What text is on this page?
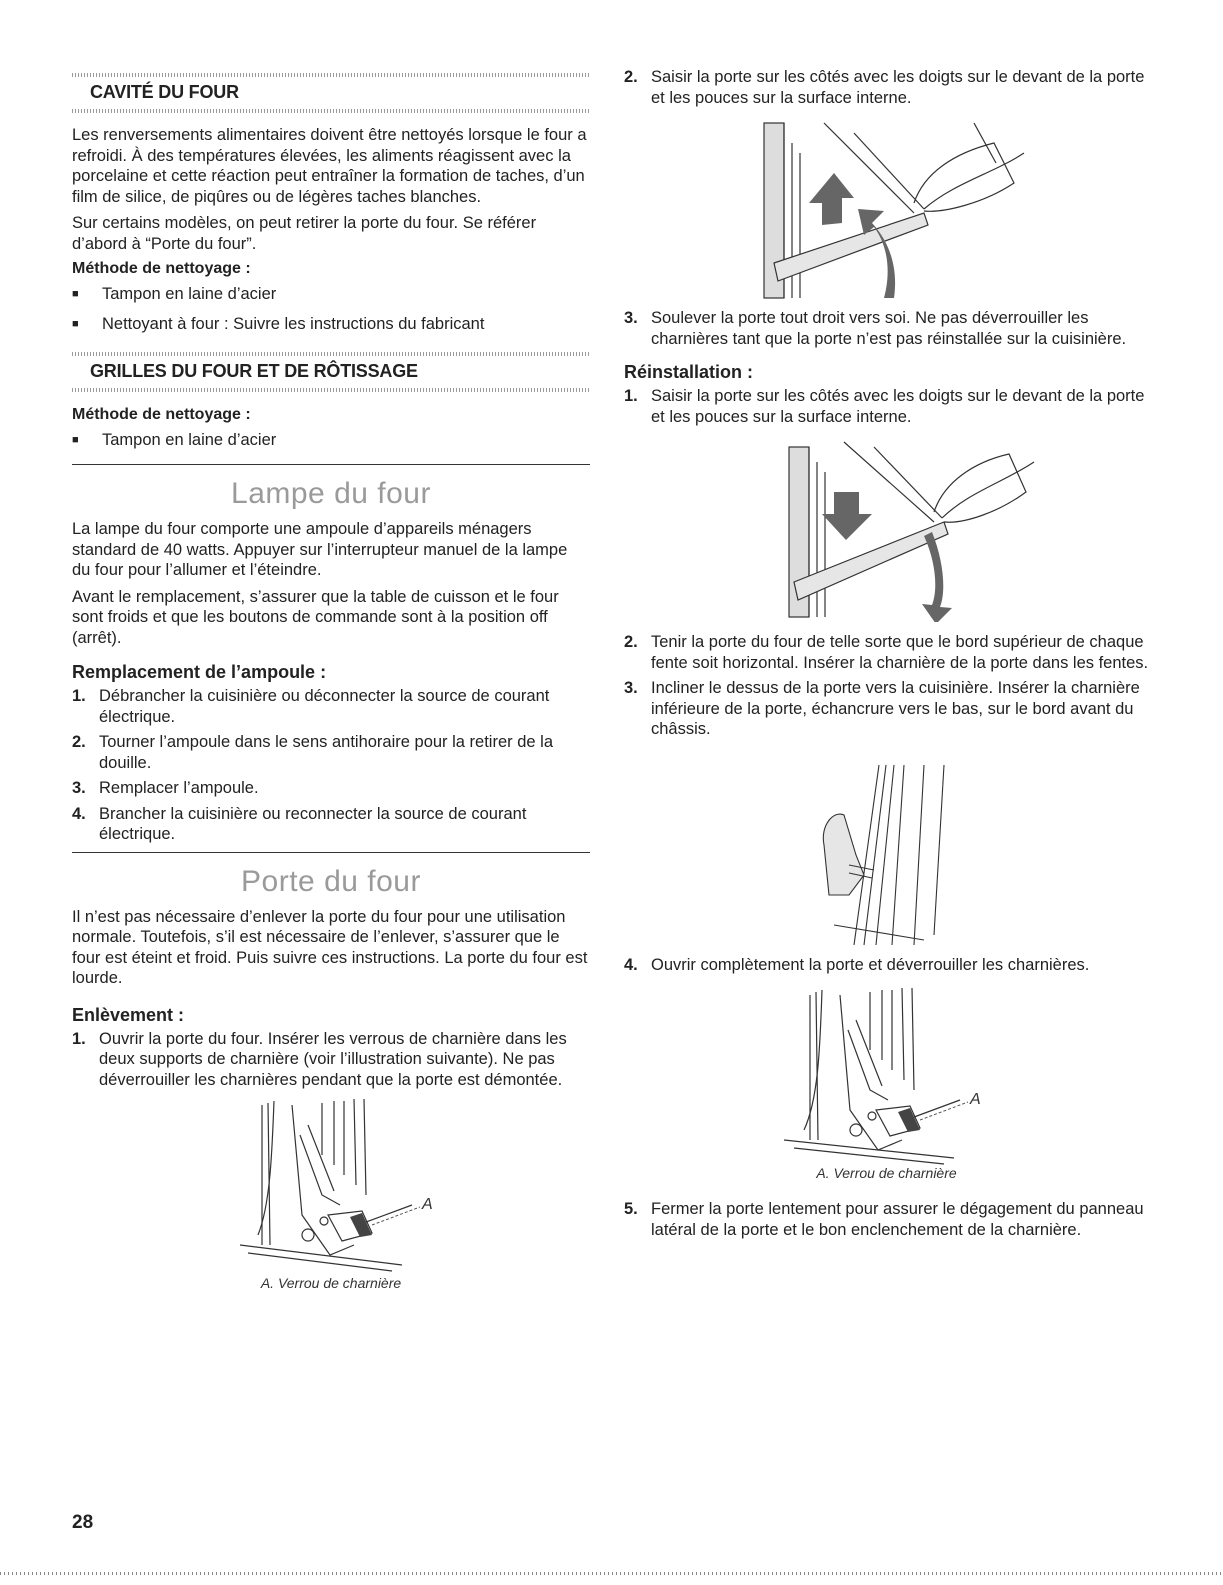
CAVITÉ DU FOUR

Les renversements alimentaires doivent être nettoyés lorsque le four a refroidi. À des températures élevées, les aliments réagissent avec la porcelaine et cette réaction peut entraîner la formation de taches, d’un film de silice, de piqûres ou de légères taches blanches.

Sur certains modèles, on peut retirer la porte du four. Se référer d’abord à “Porte du four”.

Méthode de nettoyage :
■	Tampon en laine d’acier
■	Nettoyant à four : Suivre les instructions du fabricant
GRILLES DU FOUR ET DE RÔTISSAGE
Méthode de nettoyage :
■	Tampon en laine d’acier
Lampe du four

La lampe du four comporte une ampoule d’appareils ménagers standard de 40 watts. Appuyer sur l’interrupteur manuel de la lampe du four pour l’allumer et l’éteindre.

Avant le remplacement, s’assurer que la table de cuisson et le four sont froids et que les boutons de commande sont à la position off (arrêt).

Remplacement de l’ampoule :
1. Débrancher la cuisinière ou déconnecter la source de courant électrique.
2. Tourner l’ampoule dans le sens antihoraire pour la retirer de la douille.
3. Remplacer l’ampoule.
4. Brancher la cuisinière ou reconnecter la source de courant électrique.
Porte du four

Il n’est pas nécessaire d’enlever la porte du four pour une utilisation normale. Toutefois, s’il est nécessaire de l’enlever, s’assurer que le four est éteint et froid. Puis suivre ces instructions. La porte du four est lourde.

Enlèvement :
1. Ouvrir la porte du four. Insérer les verrous de charnière dans les deux supports de charnière (voir l’illustration suivante). Ne pas déverrouiller les charnières pendant que la porte est démontée.
A
A. Verrou de charnière
2. Saisir la porte sur les côtés avec les doigts sur le devant de la porte et les pouces sur la surface interne.
3. Soulever la porte tout droit vers soi. Ne pas déverrouiller les charnières tant que la porte n’est pas réinstallée sur la cuisinière.
Réinstallation :
1. Saisir la porte sur les côtés avec les doigts sur le devant de la porte et les pouces sur la surface interne.
2. Tenir la porte du four de telle sorte que le bord supérieur de chaque fente soit horizontal. Insérer la charnière de la porte dans les fentes.
3. Incliner le dessus de la porte vers la cuisinière. Insérer la charnière inférieure de la porte, échancrure vers le bas, sur le bord avant du châssis.
4. Ouvrir complètement la porte et déverrouiller les charnières.
A
A. Verrou de charnière
5. Fermer la porte lentement pour assurer le dégagement du panneau latéral de la porte et le bon enclenchement de la charnière.
28
